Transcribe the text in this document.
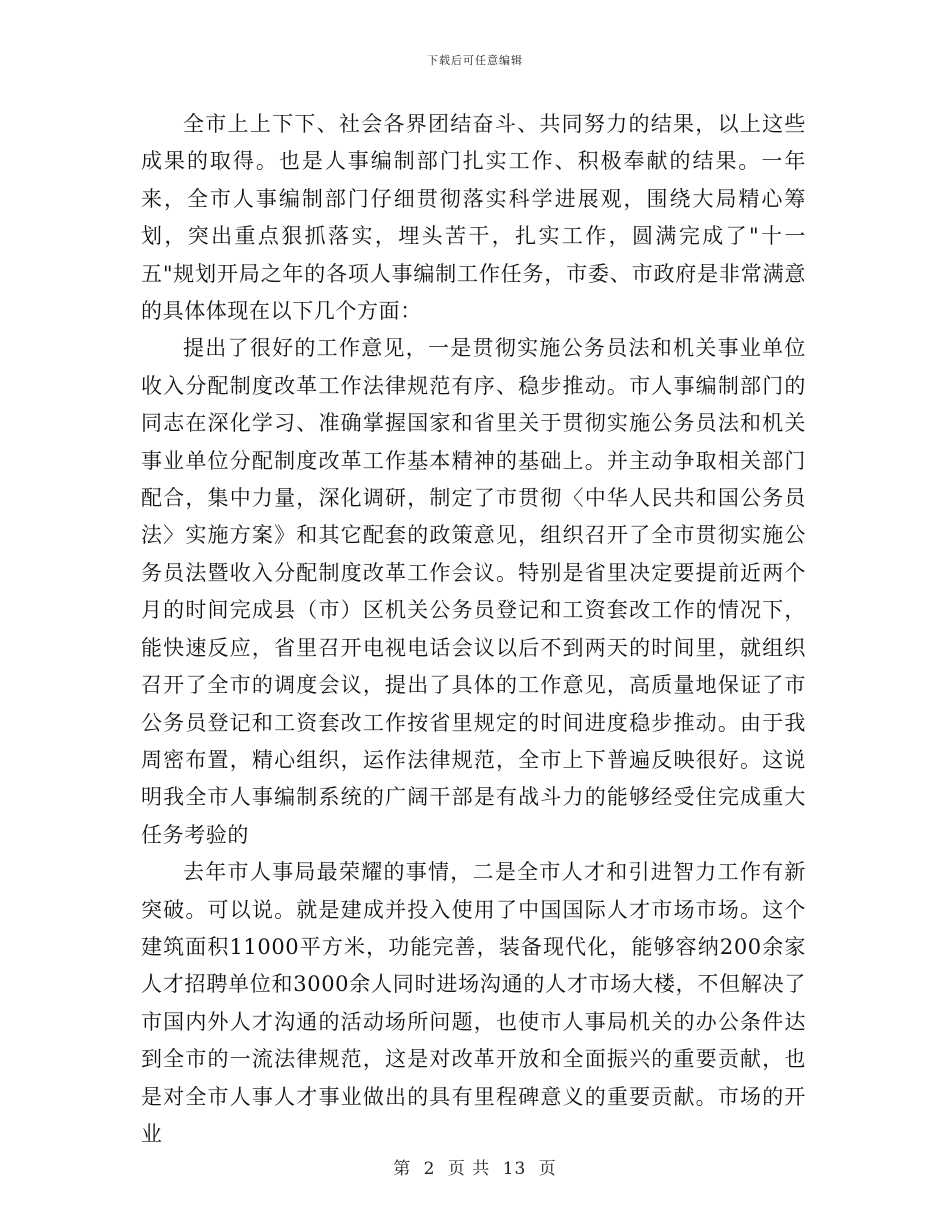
下载后可任意编辑

全市上上下下、社会各界团结奋斗、共同努力的结果，以上这些成果的取得。也是人事编制部门扎实工作、积极奉献的结果。一年来，全市人事编制部门仔细贯彻落实科学进展观，围绕大局精心筹划，突出重点狠抓落实，埋头苦干，扎实工作，圆满完成了"十一五"规划开局之年的各项人事编制工作任务，市委、市政府是非常满意的具体体现在以下几个方面：

提出了很好的工作意见，一是贯彻实施公务员法和机关事业单位收入分配制度改革工作法律规范有序、稳步推动。市人事编制部门的同志在深化学习、准确掌握国家和省里关于贯彻实施公务员法和机关事业单位分配制度改革工作基本精神的基础上。并主动争取相关部门配合，集中力量，深化调研，制定了市贯彻〈中华人民共和国公务员法〉实施方案》和其它配套的政策意见，组织召开了全市贯彻实施公务员法暨收入分配制度改革工作会议。特别是省里决定要提前近两个月的时间完成县（市）区机关公务员登记和工资套改工作的情况下，能快速反应，省里召开电视电话会议以后不到两天的时间里，就组织召开了全市的调度会议，提出了具体的工作意见，高质量地保证了市公务员登记和工资套改工作按省里规定的时间进度稳步推动。由于我周密布置，精心组织，运作法律规范，全市上下普遍反映很好。这说明我全市人事编制系统的广阔干部是有战斗力的能够经受住完成重大任务考验的

去年市人事局最荣耀的事情，二是全市人才和引进智力工作有新突破。可以说。就是建成并投入使用了中国国际人才市场市场。这个建筑面积11000平方米，功能完善，装备现代化，能够容纳200余家人才招聘单位和3000余人同时进场沟通的人才市场大楼，不但解决了市国内外人才沟通的活动场所问题，也使市人事局机关的办公条件达到全市的一流法律规范，这是对改革开放和全面振兴的重要贡献，也是对全市人事人才事业做出的具有里程碑意义的重要贡献。市场的开业

第 2 页 共 13 页
